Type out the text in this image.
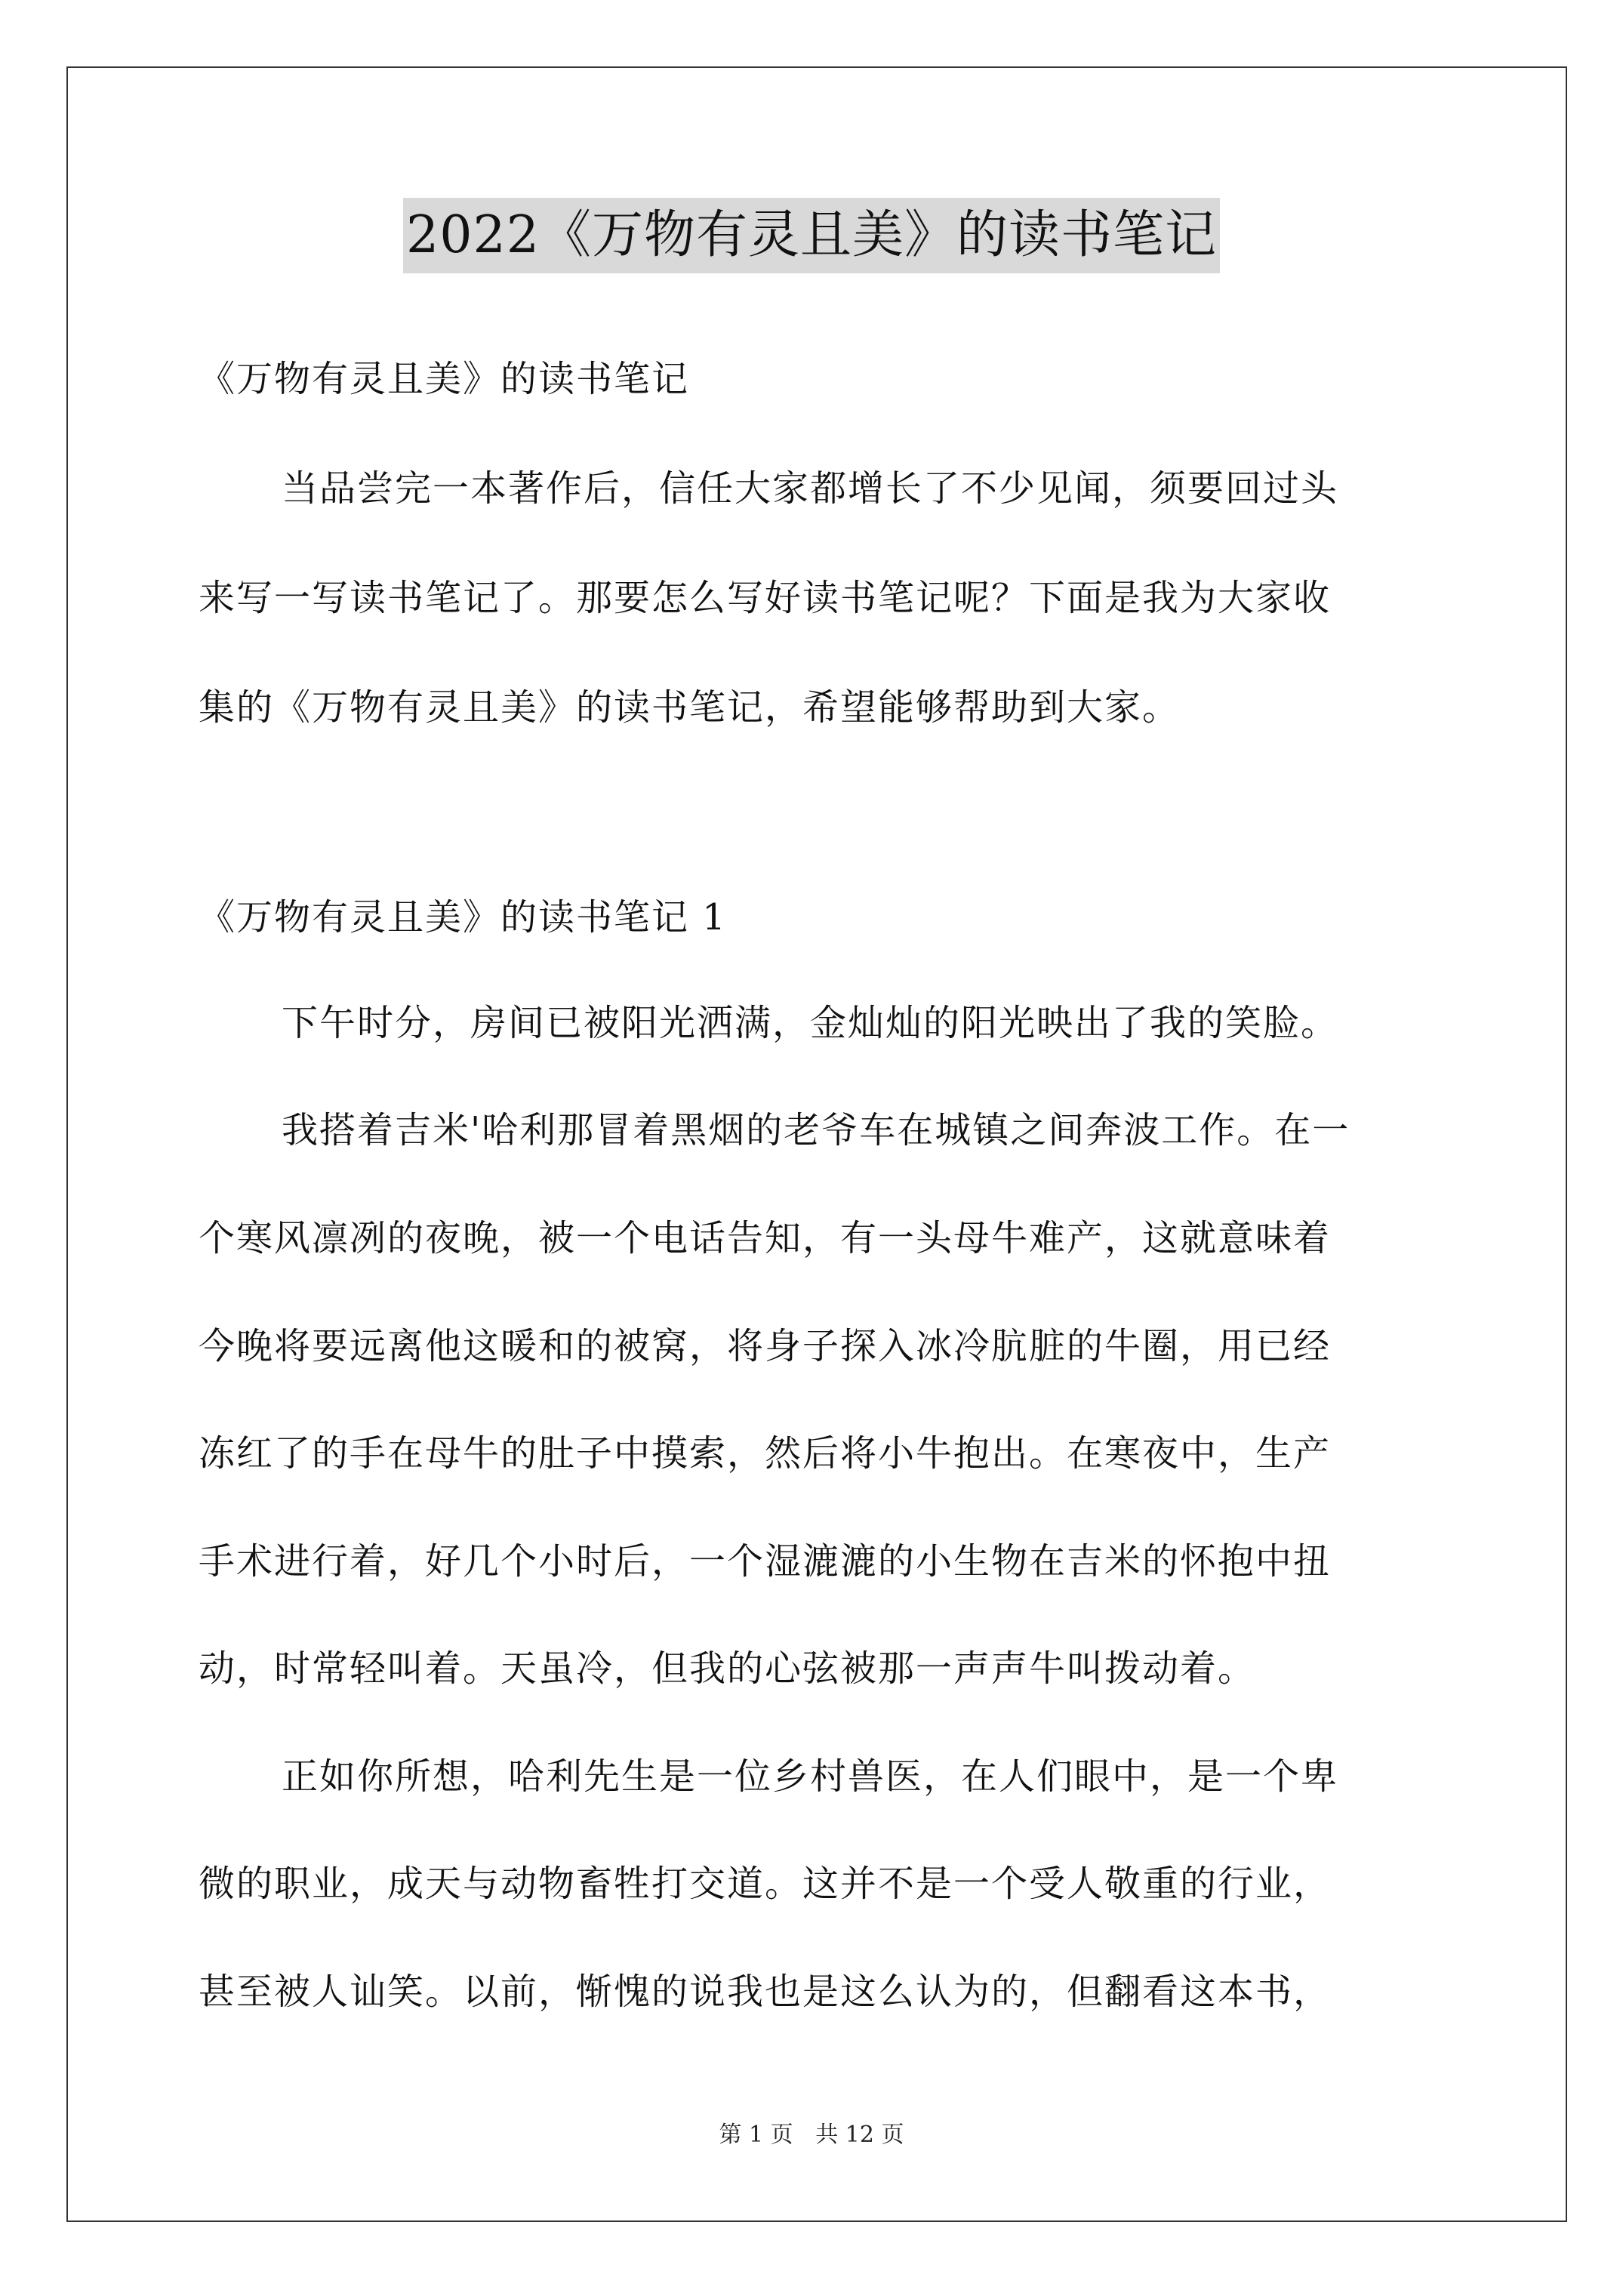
2022《万物有灵且美》的读书笔记
《万物有灵且美》的读书笔记
当品尝完一本著作后，信任大家都增长了不少见闻，须要回过头
来写一写读书笔记了。那要怎么写好读书笔记呢？下面是我为大家收
集的《万物有灵且美》的读书笔记，希望能够帮助到大家。
《万物有灵且美》的读书笔记 1
下午时分，房间已被阳光洒满，金灿灿的阳光映出了我的笑脸。
我搭着吉米'哈利那冒着黑烟的老爷车在城镇之间奔波工作。在一
个寒风凛冽的夜晚，被一个电话告知，有一头母牛难产，这就意味着
今晚将要远离他这暖和的被窝，将身子探入冰冷肮脏的牛圈，用已经
冻红了的手在母牛的肚子中摸索，然后将小牛抱出。在寒夜中，生产
手术进行着，好几个小时后，一个湿漉漉的小生物在吉米的怀抱中扭
动，时常轻叫着。天虽冷，但我的心弦被那一声声牛叫拨动着。
正如你所想，哈利先生是一位乡村兽医，在人们眼中，是一个卑
微的职业，成天与动物畜牲打交道。这并不是一个受人敬重的行业，
甚至被人讪笑。以前，惭愧的说我也是这么认为的，但翻看这本书，
第 1 页 共 12 页
